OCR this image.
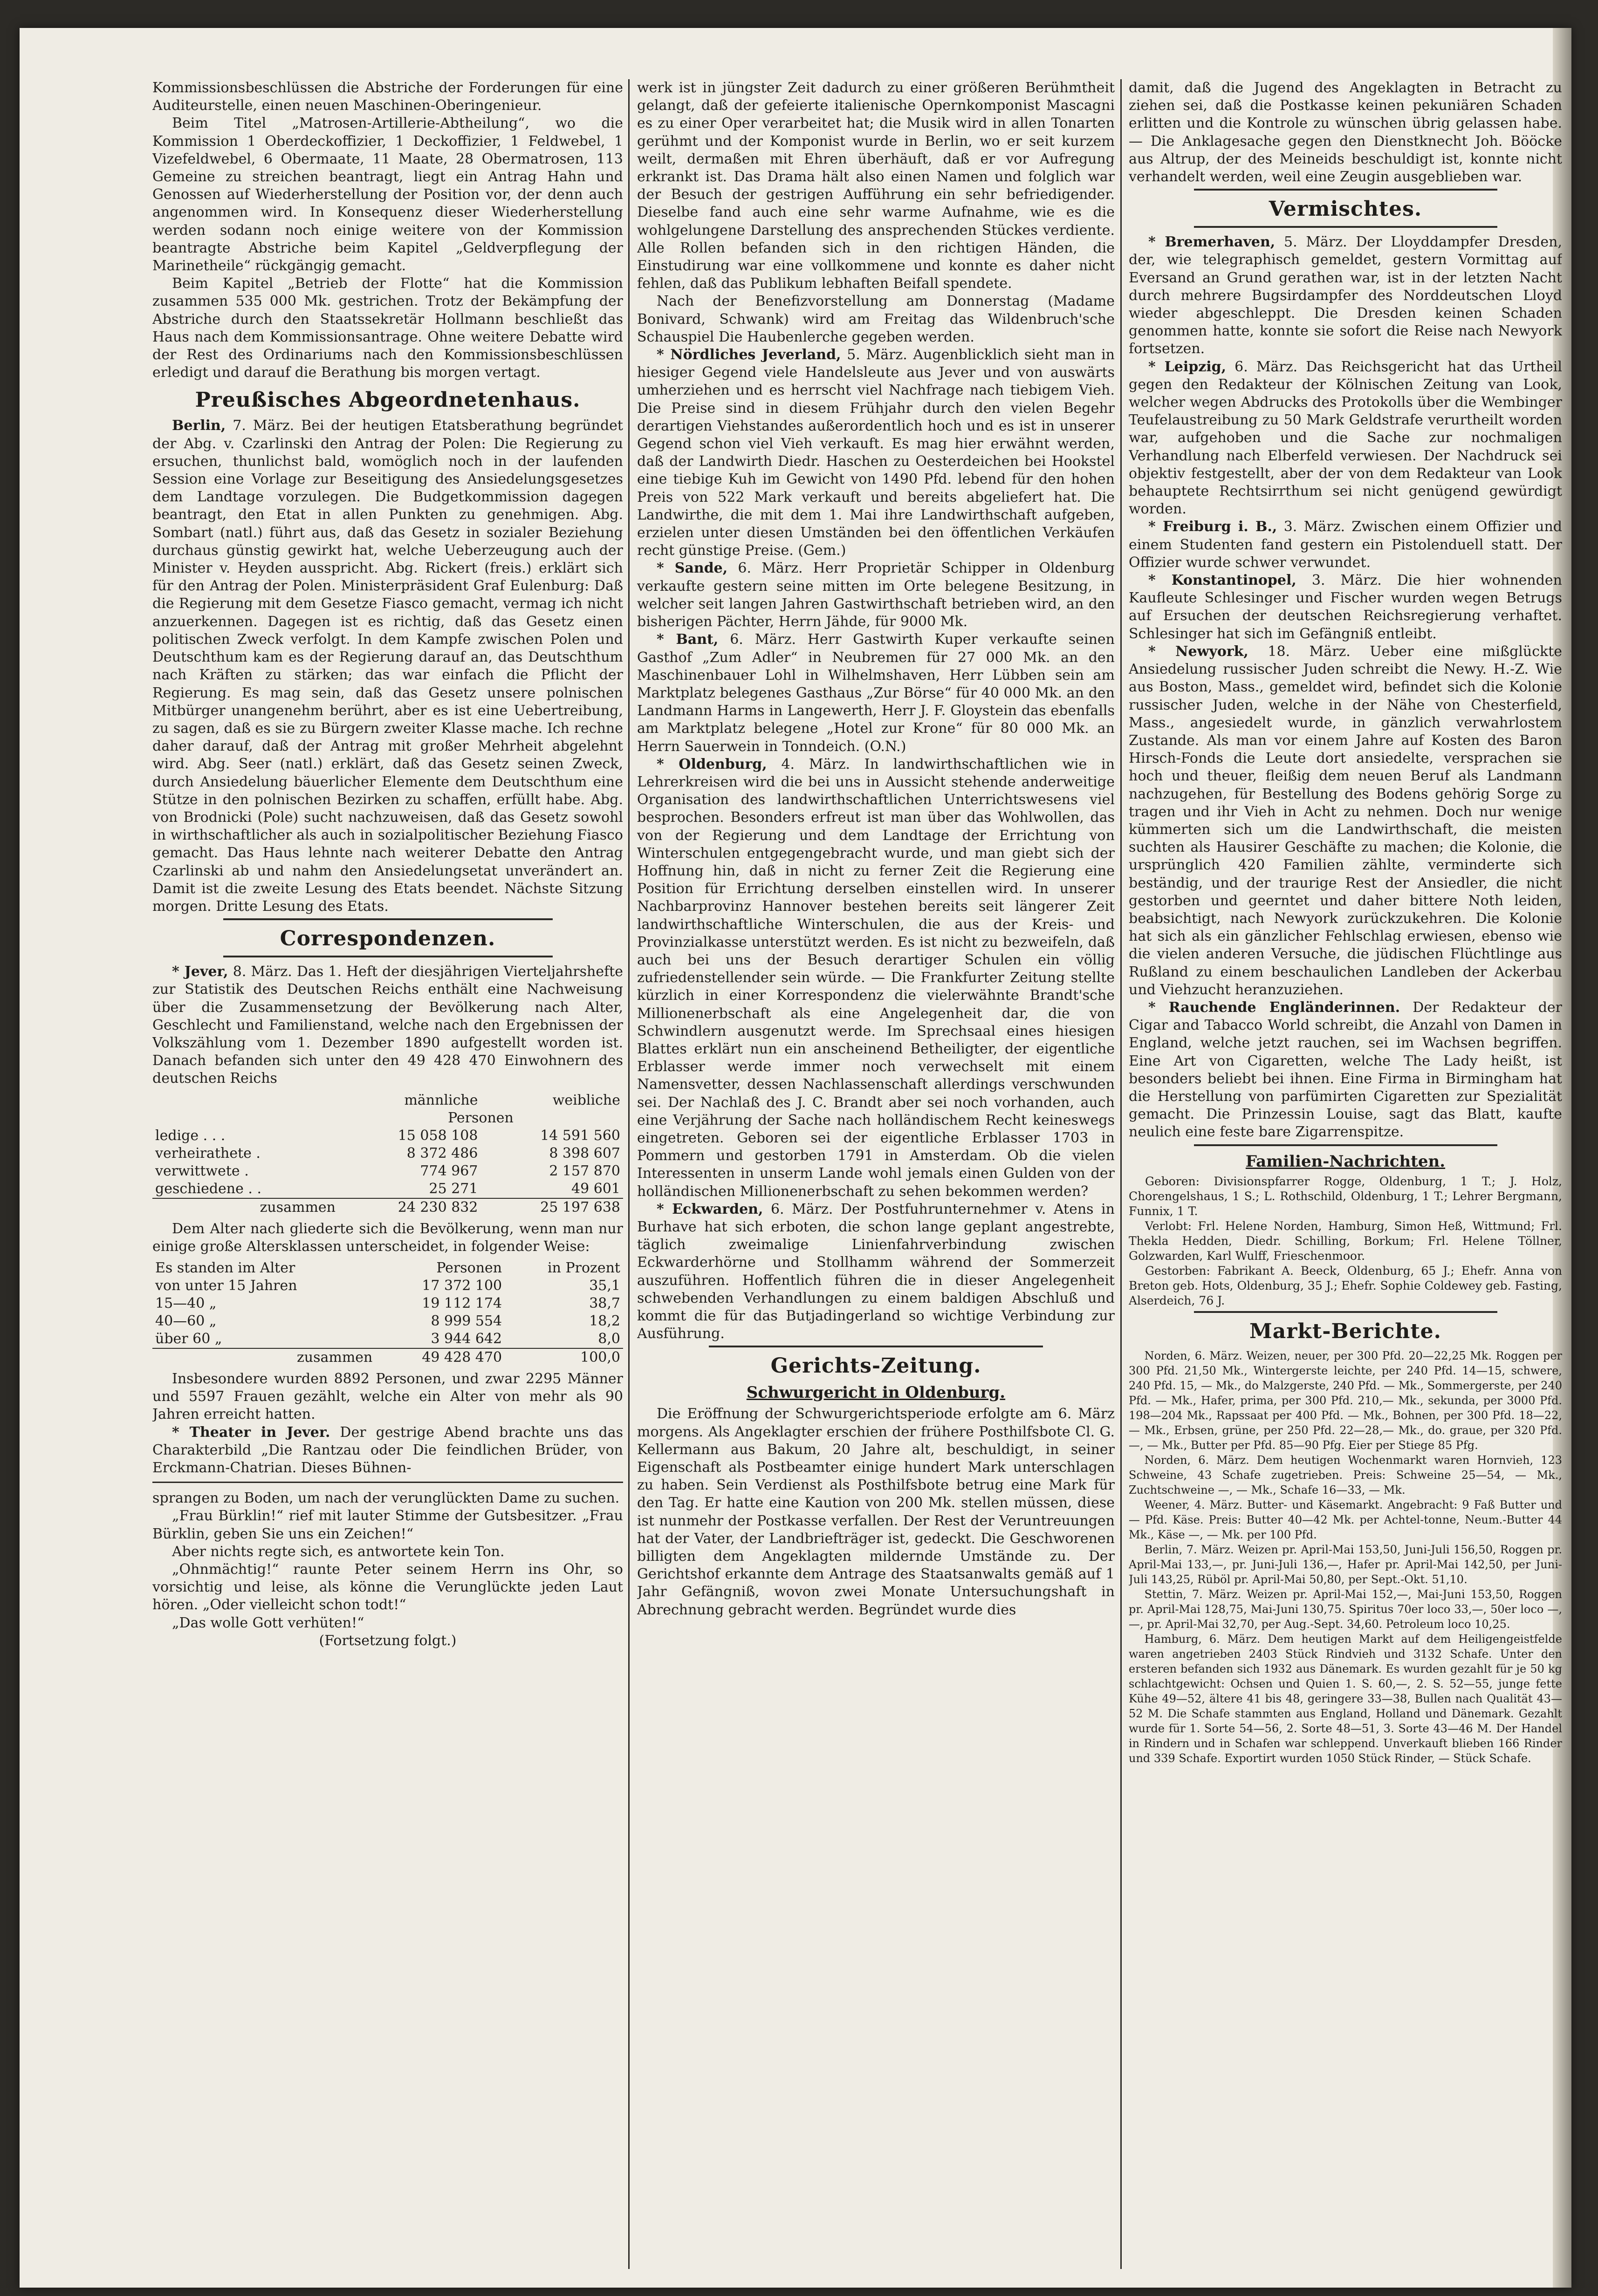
Kommissionsbeschlüssen die Abstriche der Forderungen für eine Auditeurstelle, einen neuen Maschinen-Oberingenieur.

Beim Titel „Matrosen-Artillerie-Abtheilung“, wo die Kommission 1 Oberdeckoffizier, 1 Deckoffizier, 1 Feldwebel, 1 Vizefeldwebel, 6 Obermaate, 11 Maate, 28 Obermatrosen, 113 Gemeine zu streichen beantragt, liegt ein Antrag Hahn und Genossen auf Wiederherstellung der Position vor, der denn auch angenommen wird. In Konsequenz dieser Wiederherstellung werden sodann noch einige weitere von der Kommission beantragte Abstriche beim Kapitel „Geldverpflegung der Marinetheile“ rückgängig gemacht.

Beim Kapitel „Betrieb der Flotte“ hat die Kommission zusammen 535 000 Mk. gestrichen. Trotz der Bekämpfung der Abstriche durch den Staatssekretär Hollmann beschließt das Haus nach dem Kommissionsantrage. Ohne weitere Debatte wird der Rest des Ordinariums nach den Kommissionsbeschlüssen erledigt und darauf die Berathung bis morgen vertagt.

Preußisches Abgeordnetenhaus.

Berlin, 7. März. Bei der heutigen Etatsberathung begründet der Abg. v. Czarlinski den Antrag der Polen: Die Regierung zu ersuchen, thunlichst bald, womöglich noch in der laufenden Session eine Vorlage zur Beseitigung des Ansiedelungsgesetzes dem Landtage vorzulegen. Die Budgetkommission dagegen beantragt, den Etat in allen Punkten zu genehmigen. Abg. Sombart (natl.) führt aus, daß das Gesetz in sozialer Beziehung durchaus günstig gewirkt hat, welche Ueberzeugung auch der Minister v. Heyden ausspricht. Abg. Rickert (freis.) erklärt sich für den Antrag der Polen. Ministerpräsident Graf Eulenburg: Daß die Regierung mit dem Gesetze Fiasco gemacht, vermag ich nicht anzuerkennen. Dagegen ist es richtig, daß das Gesetz einen politischen Zweck verfolgt. In dem Kampfe zwischen Polen und Deutschthum kam es der Regierung darauf an, das Deutschthum nach Kräften zu stärken; das war einfach die Pflicht der Regierung. Es mag sein, daß das Gesetz unsere polnischen Mitbürger unangenehm berührt, aber es ist eine Uebertreibung, zu sagen, daß es sie zu Bürgern zweiter Klasse mache. Ich rechne daher darauf, daß der Antrag mit großer Mehrheit abgelehnt wird. Abg. Seer (natl.) erklärt, daß das Gesetz seinen Zweck, durch Ansiedelung bäuerlicher Elemente dem Deutschthum eine Stütze in den polnischen Bezirken zu schaffen, erfüllt habe. Abg. von Brodnicki (Pole) sucht nachzuweisen, daß das Gesetz sowohl in wirthschaftlicher als auch in sozialpolitischer Beziehung Fiasco gemacht. Das Haus lehnte nach weiterer Debatte den Antrag Czarlinski ab und nahm den Ansiedelungsetat unverändert an. Damit ist die zweite Lesung des Etats beendet. Nächste Sitzung morgen. Dritte Lesung des Etats.

Correspondenzen.

* Jever, 8. März. Das 1. Heft der diesjährigen Vierteljahrshefte zur Statistik des Deutschen Reichs enthält eine Nachweisung über die Zusammensetzung der Bevölkerung nach Alter, Geschlecht und Familienstand, welche nach den Ergebnissen der Volkszählung vom 1. Dezember 1890 aufgestellt worden ist. Danach befanden sich unter den 49 428 470 Einwohnern des deutschen Reichs

	männliche	weibliche
	Personen	
ledige . . .	15 058 108	14 591 560
verheirathete .	8 372 486	8 398 607
verwittwete .	774 967	2 157 870
geschiedene . .	25 271	49 601
zusammen	24 230 832	25 197 638

Dem Alter nach gliederte sich die Bevölkerung, wenn man nur einige große Altersklassen unterscheidet, in folgender Weise:

Es standen im Alter	Personen	in Prozent
von unter 15 Jahren	17 372 100	35,1
15—40 „	19 112 174	38,7
40—60 „	8 999 554	18,2
über 60 „	3 944 642	8,0
zusammen	49 428 470	100,0

Insbesondere wurden 8892 Personen, und zwar 2295 Männer und 5597 Frauen gezählt, welche ein Alter von mehr als 90 Jahren erreicht hatten.

* Theater in Jever. Der gestrige Abend brachte uns das Charakterbild „Die Rantzau oder Die feindlichen Brüder, von Erckmann-Chatrian. Dieses Bühnen-

sprangen zu Boden, um nach der verunglückten Dame zu suchen.

„Frau Bürklin!“ rief mit lauter Stimme der Gutsbesitzer. „Frau Bürklin, geben Sie uns ein Zeichen!“

Aber nichts regte sich, es antwortete kein Ton.

„Ohnmächtig!“ raunte Peter seinem Herrn ins Ohr, so vorsichtig und leise, als könne die Verunglückte jeden Laut hören. „Oder vielleicht schon todt!“

„Das wolle Gott verhüten!“

(Fortsetzung folgt.)

werk ist in jüngster Zeit dadurch zu einer größeren Berühmtheit gelangt, daß der gefeierte italienische Opernkomponist Mascagni es zu einer Oper verarbeitet hat; die Musik wird in allen Tonarten gerühmt und der Komponist wurde in Berlin, wo er seit kurzem weilt, dermaßen mit Ehren überhäuft, daß er vor Aufregung erkrankt ist. Das Drama hält also einen Namen und folglich war der Besuch der gestrigen Aufführung ein sehr befriedigender. Dieselbe fand auch eine sehr warme Aufnahme, wie es die wohlgelungene Darstellung des ansprechenden Stückes verdiente. Alle Rollen befanden sich in den richtigen Händen, die Einstudirung war eine vollkommene und konnte es daher nicht fehlen, daß das Publikum lebhaften Beifall spendete.

Nach der Benefizvorstellung am Donnerstag (Madame Bonivard, Schwank) wird am Freitag das Wildenbruch'sche Schauspiel Die Haubenlerche gegeben werden.

* Nördliches Jeverland, 5. März. Augenblicklich sieht man in hiesiger Gegend viele Handelsleute aus Jever und von auswärts umherziehen und es herrscht viel Nachfrage nach tiebigem Vieh. Die Preise sind in diesem Frühjahr durch den vielen Begehr derartigen Viehstandes außerordentlich hoch und es ist in unserer Gegend schon viel Vieh verkauft. Es mag hier erwähnt werden, daß der Landwirth Diedr. Haschen zu Oesterdeichen bei Hookstel eine tiebige Kuh im Gewicht von 1490 Pfd. lebend für den hohen Preis von 522 Mark verkauft und bereits abgeliefert hat. Die Landwirthe, die mit dem 1. Mai ihre Landwirthschaft aufgeben, erzielen unter diesen Umständen bei den öffentlichen Verkäufen recht günstige Preise. (Gem.)

* Sande, 6. März. Herr Proprietär Schipper in Oldenburg verkaufte gestern seine mitten im Orte belegene Besitzung, in welcher seit langen Jahren Gastwirthschaft betrieben wird, an den bisherigen Pächter, Herrn Jähde, für 9000 Mk.

* Bant, 6. März. Herr Gastwirth Kuper verkaufte seinen Gasthof „Zum Adler“ in Neubremen für 27 000 Mk. an den Maschinenbauer Lohl in Wilhelmshaven, Herr Lübben sein am Marktplatz belegenes Gasthaus „Zur Börse“ für 40 000 Mk. an den Landmann Harms in Langewerth, Herr J. F. Gloystein das ebenfalls am Marktplatz belegene „Hotel zur Krone“ für 80 000 Mk. an Herrn Sauerwein in Tonndeich. (O.N.)

* Oldenburg, 4. März. In landwirthschaftlichen wie in Lehrerkreisen wird die bei uns in Aussicht stehende anderweitige Organisation des landwirthschaftlichen Unterrichtswesens viel besprochen. Besonders erfreut ist man über das Wohlwollen, das von der Regierung und dem Landtage der Errichtung von Winterschulen entgegengebracht wurde, und man giebt sich der Hoffnung hin, daß in nicht zu ferner Zeit die Regierung eine Position für Errichtung derselben einstellen wird. In unserer Nachbarprovinz Hannover bestehen bereits seit längerer Zeit landwirthschaftliche Winterschulen, die aus der Kreis- und Provinzialkasse unterstützt werden. Es ist nicht zu bezweifeln, daß auch bei uns der Besuch derartiger Schulen ein völlig zufriedenstellender sein würde. — Die Frankfurter Zeitung stellte kürzlich in einer Korrespondenz die vielerwähnte Brandt'sche Millionenerbschaft als eine Angelegenheit dar, die von Schwindlern ausgenutzt werde. Im Sprechsaal eines hiesigen Blattes erklärt nun ein anscheinend Betheiligter, der eigentliche Erblasser werde immer noch verwechselt mit einem Namensvetter, dessen Nachlassenschaft allerdings verschwunden sei. Der Nachlaß des J. C. Brandt aber sei noch vorhanden, auch eine Verjährung der Sache nach holländischem Recht keineswegs eingetreten. Geboren sei der eigentliche Erblasser 1703 in Pommern und gestorben 1791 in Amsterdam. Ob die vielen Interessenten in unserm Lande wohl jemals einen Gulden von der holländischen Millionenerbschaft zu sehen bekommen werden?

* Eckwarden, 6. März. Der Postfuhrunternehmer v. Atens in Burhave hat sich erboten, die schon lange geplant angestrebte, täglich zweimalige Linienfahrverbindung zwischen Eckwarderhörne und Stollhamm während der Sommerzeit auszuführen. Hoffentlich führen die in dieser Angelegenheit schwebenden Verhandlungen zu einem baldigen Abschluß und kommt die für das Butjadingerland so wichtige Verbindung zur Ausführung.

Gerichts-Zeitung.
Schwurgericht in Oldenburg.

Die Eröffnung der Schwurgerichtsperiode erfolgte am 6. März morgens. Als Angeklagter erschien der frühere Posthilfsbote Cl. G. Kellermann aus Bakum, 20 Jahre alt, beschuldigt, in seiner Eigenschaft als Postbeamter einige hundert Mark unterschlagen zu haben. Sein Verdienst als Posthilfsbote betrug eine Mark für den Tag. Er hatte eine Kaution von 200 Mk. stellen müssen, diese ist nunmehr der Postkasse verfallen. Der Rest der Veruntreuungen hat der Vater, der Landbriefträger ist, gedeckt. Die Geschworenen billigten dem Angeklagten mildernde Umstände zu. Der Gerichtshof erkannte dem Antrage des Staatsanwalts gemäß auf 1 Jahr Gefängniß, wovon zwei Monate Untersuchungshaft in Abrechnung gebracht werden. Begründet wurde dies

damit, daß die Jugend des Angeklagten in Betracht zu ziehen sei, daß die Postkasse keinen pekuniären Schaden erlitten und die Kontrole zu wünschen übrig gelassen habe. — Die Anklagesache gegen den Dienstknecht Joh. Bööcke aus Altrup, der des Meineids beschuldigt ist, konnte nicht verhandelt werden, weil eine Zeugin ausgeblieben war.

Vermischtes.

* Bremerhaven, 5. März. Der Lloyddampfer Dresden, der, wie telegraphisch gemeldet, gestern Vormittag auf Eversand an Grund gerathen war, ist in der letzten Nacht durch mehrere Bugsirdampfer des Norddeutschen Lloyd wieder abgeschleppt. Die Dresden keinen Schaden genommen hatte, konnte sie sofort die Reise nach Newyork fortsetzen.

* Leipzig, 6. März. Das Reichsgericht hat das Urtheil gegen den Redakteur der Kölnischen Zeitung van Look, welcher wegen Abdrucks des Protokolls über die Wembinger Teufelaustreibung zu 50 Mark Geldstrafe verurtheilt worden war, aufgehoben und die Sache zur nochmaligen Verhandlung nach Elberfeld verwiesen. Der Nachdruck sei objektiv festgestellt, aber der von dem Redakteur van Look behauptete Rechtsirrthum sei nicht genügend gewürdigt worden.

* Freiburg i. B., 3. März. Zwischen einem Offizier und einem Studenten fand gestern ein Pistolenduell statt. Der Offizier wurde schwer verwundet.

* Konstantinopel, 3. März. Die hier wohnenden Kaufleute Schlesinger und Fischer wurden wegen Betrugs auf Ersuchen der deutschen Reichsregierung verhaftet. Schlesinger hat sich im Gefängniß entleibt.

* Newyork, 18. März. Ueber eine mißglückte Ansiedelung russischer Juden schreibt die Newy. H.-Z. Wie aus Boston, Mass., gemeldet wird, befindet sich die Kolonie russischer Juden, welche in der Nähe von Chesterfield, Mass., angesiedelt wurde, in gänzlich verwahrlostem Zustande. Als man vor einem Jahre auf Kosten des Baron Hirsch-Fonds die Leute dort ansiedelte, versprachen sie hoch und theuer, fleißig dem neuen Beruf als Landmann nachzugehen, für Bestellung des Bodens gehörig Sorge zu tragen und ihr Vieh in Acht zu nehmen. Doch nur wenige kümmerten sich um die Landwirthschaft, die meisten suchten als Hausirer Geschäfte zu machen; die Kolonie, die ursprünglich 420 Familien zählte, verminderte sich beständig, und der traurige Rest der Ansiedler, die nicht gestorben und geerntet und daher bittere Noth leiden, beabsichtigt, nach Newyork zurückzukehren. Die Kolonie hat sich als ein gänzlicher Fehlschlag erwiesen, ebenso wie die vielen anderen Versuche, die jüdischen Flüchtlinge aus Rußland zu einem beschaulichen Landleben der Ackerbau und Viehzucht heranzuziehen.

* Rauchende Engländerinnen. Der Redakteur der Cigar and Tabacco World schreibt, die Anzahl von Damen in England, welche jetzt rauchen, sei im Wachsen begriffen. Eine Art von Cigaretten, welche The Lady heißt, ist besonders beliebt bei ihnen. Eine Firma in Birmingham hat die Herstellung von parfümirten Cigaretten zur Spezialität gemacht. Die Prinzessin Louise, sagt das Blatt, kaufte neulich eine feste bare Zigarrenspitze.

Familien-Nachrichten.

Geboren: Divisionspfarrer Rogge, Oldenburg, 1 T.; J. Holz, Chorengelshaus, 1 S.; L. Rothschild, Oldenburg, 1 T.; Lehrer Bergmann, Funnix, 1 T.

Verlobt: Frl. Helene Norden, Hamburg, Simon Heß, Wittmund; Frl. Thekla Hedden, Diedr. Schilling, Borkum; Frl. Helene Töllner, Golzwarden, Karl Wulff, Frieschenmoor.

Gestorben: Fabrikant A. Beeck, Oldenburg, 65 J.; Ehefr. Anna von Breton geb. Hots, Oldenburg, 35 J.; Ehefr. Sophie Coldewey geb. Fasting, Alserdeich, 76 J.

Markt-Berichte.

Norden, 6. März. Weizen, neuer, per 300 Pfd. 20—22,25 Mk. Roggen per 300 Pfd. 21,50 Mk., Wintergerste leichte, per 240 Pfd. 14—15, schwere, 240 Pfd. 15, — Mk., do Malzgerste, 240 Pfd. — Mk., Sommergerste, per 240 Pfd. — Mk., Hafer, prima, per 300 Pfd. 210,— Mk., sekunda, per 3000 Pfd. 198—204 Mk., Rapssaat per 400 Pfd. — Mk., Bohnen, per 300 Pfd. 18—22,— Mk., Erbsen, grüne, per 250 Pfd. 22—28,— Mk., do. graue, per 320 Pfd. —, — Mk., Butter per Pfd. 85—90 Pfg. Eier per Stiege 85 Pfg.

Norden, 6. März. Dem heutigen Wochenmarkt waren Hornvieh, 123 Schweine, 43 Schafe zugetrieben. Preis: Schweine 25—54, — Mk., Zuchtschweine —, — Mk., Schafe 16—33, — Mk.

Weener, 4. März. Butter- und Käsemarkt. Angebracht: 9 Faß Butter und — Pfd. Käse. Preis: Butter 40—42 Mk. per Achtel-tonne, Neum.-Butter 44 Mk., Käse —, — Mk. per 100 Pfd.

Berlin, 7. März. Weizen pr. April-Mai 153,50, Juni-Juli 156,50, Roggen pr. April-Mai 133,—, pr. Juni-Juli 136,—, Hafer pr. April-Mai 142,50, per Juni-Juli 143,25, Rüböl pr. April-Mai 50,80, per Sept.-Okt. 51,10.

Stettin, 7. März. Weizen pr. April-Mai 152,—, Mai-Juni 153,50, Roggen pr. April-Mai 128,75, Mai-Juni 130,75. Spiritus 70er loco 33,—, 50er loco —,—, pr. April-Mai 32,70, per Aug.-Sept. 34,60. Petroleum loco 10,25.

Hamburg, 6. März. Dem heutigen Markt auf dem Heiligengeistfelde waren angetrieben 2403 Stück Rindvieh und 3132 Schafe. Unter den ersteren befanden sich 1932 aus Dänemark. Es wurden gezahlt für je 50 kg schlachtgewicht: Ochsen und Quien 1. S. 60,—, 2. S. 52—55, junge fette Kühe 49—52, ältere 41 bis 48, geringere 33—38, Bullen nach Qualität 43—52 M. Die Schafe stammten aus England, Holland und Dänemark. Gezahlt wurde für 1. Sorte 54—56, 2. Sorte 48—51, 3. Sorte 43—46 M. Der Handel in Rindern und in Schafen war schleppend. Unverkauft blieben 166 Rinder und 339 Schafe. Exportirt wurden 1050 Stück Rinder, — Stück Schafe.
